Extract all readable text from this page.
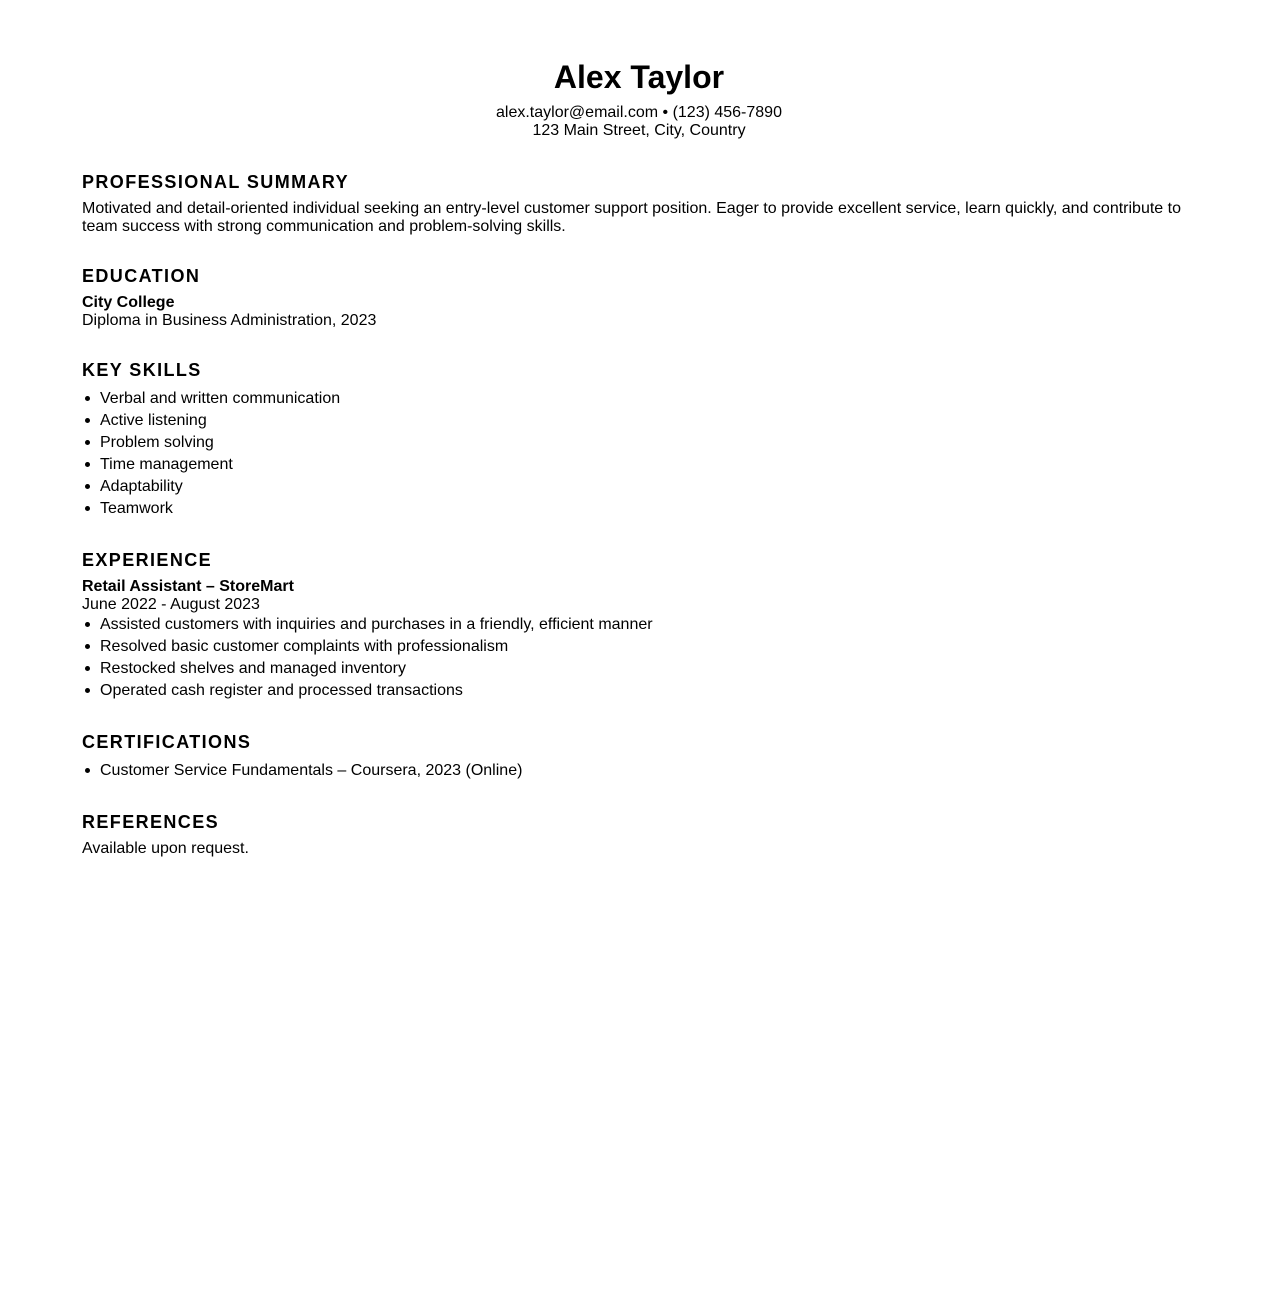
Alex Taylor
alex.taylor@email.com • (123) 456-7890
123 Main Street, City, Country
PROFESSIONAL SUMMARY

Motivated and detail-oriented individual seeking an entry-level customer support position. Eager to provide excellent service, learn quickly, and contribute to team success with strong communication and problem-solving skills.

EDUCATION

City College

Diploma in Business Administration, 2023

KEY SKILLS
Verbal and written communication
Active listening
Problem solving
Time management
Adaptability
Teamwork
EXPERIENCE

Retail Assistant – StoreMart

June 2022 - August 2023

Assisted customers with inquiries and purchases in a friendly, efficient manner
Resolved basic customer complaints with professionalism
Restocked shelves and managed inventory
Operated cash register and processed transactions
CERTIFICATIONS
Customer Service Fundamentals – Coursera, 2023 (Online)
REFERENCES

Available upon request.
